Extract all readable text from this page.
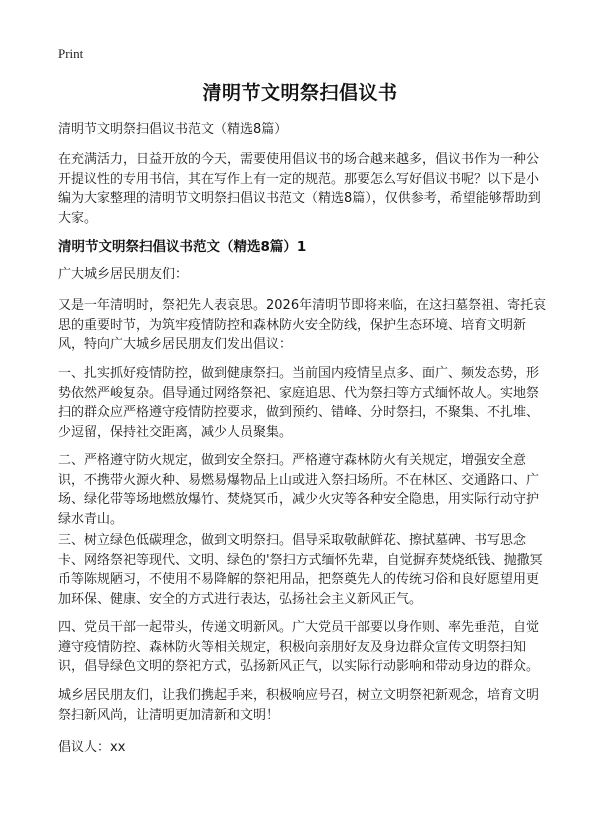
Print
清明节文明祭扫倡议书

清明节文明祭扫倡议书范文（精选8篇）

在充满活力，日益开放的今天，需要使用倡议书的场合越来越多，倡议书作为一种公开提议性的专用书信，其在写作上有一定的规范。那要怎么写好倡议书呢？以下是小编为大家整理的清明节文明祭扫倡议书范文（精选8篇），仅供参考，希望能够帮助到大家。

清明节文明祭扫倡议书范文（精选8篇）1

广大城乡居民朋友们：

又是一年清明时，祭祀先人表哀思。2026年清明节即将来临，在这扫墓祭祖、寄托哀思的重要时节，为筑牢疫情防控和森林防火安全防线，保护生态环境、培育文明新风，特向广大城乡居民朋友们发出倡议：

一、扎实抓好疫情防控，做到健康祭扫。当前国内疫情呈点多、面广、频发态势，形势依然严峻复杂。倡导通过网络祭祀、家庭追思、代为祭扫等方式缅怀故人。实地祭扫的群众应严格遵守疫情防控要求，做到预约、错峰、分时祭扫，不聚集、不扎堆、少逗留，保持社交距离，减少人员聚集。

二、严格遵守防火规定，做到安全祭扫。严格遵守森林防火有关规定，增强安全意识，不携带火源火种、易燃易爆物品上山或进入祭扫场所。不在林区、交通路口、广场、绿化带等场地燃放爆竹、焚烧冥币，减少火灾等各种安全隐患，用实际行动守护绿水青山。

三、树立绿色低碳理念，做到文明祭扫。倡导采取敬献鲜花、擦拭墓碑、书写思念卡、网络祭祀等现代、文明、绿色的'祭扫方式缅怀先辈，自觉摒弃焚烧纸钱、抛撒冥币等陈规陋习，不使用不易降解的祭祀用品，把祭奠先人的传统习俗和良好愿望用更加环保、健康、安全的方式进行表达，弘扬社会主义新风正气。

四、党员干部一起带头，传递文明新风。广大党员干部要以身作则、率先垂范，自觉遵守疫情防控、森林防火等相关规定，积极向亲朋好友及身边群众宣传文明祭扫知识，倡导绿色文明的祭祀方式，弘扬新风正气，以实际行动影响和带动身边的群众。

城乡居民朋友们，让我们携起手来，积极响应号召，树立文明祭祀新观念，培育文明祭扫新风尚，让清明更加清新和文明！

倡议人：xx
